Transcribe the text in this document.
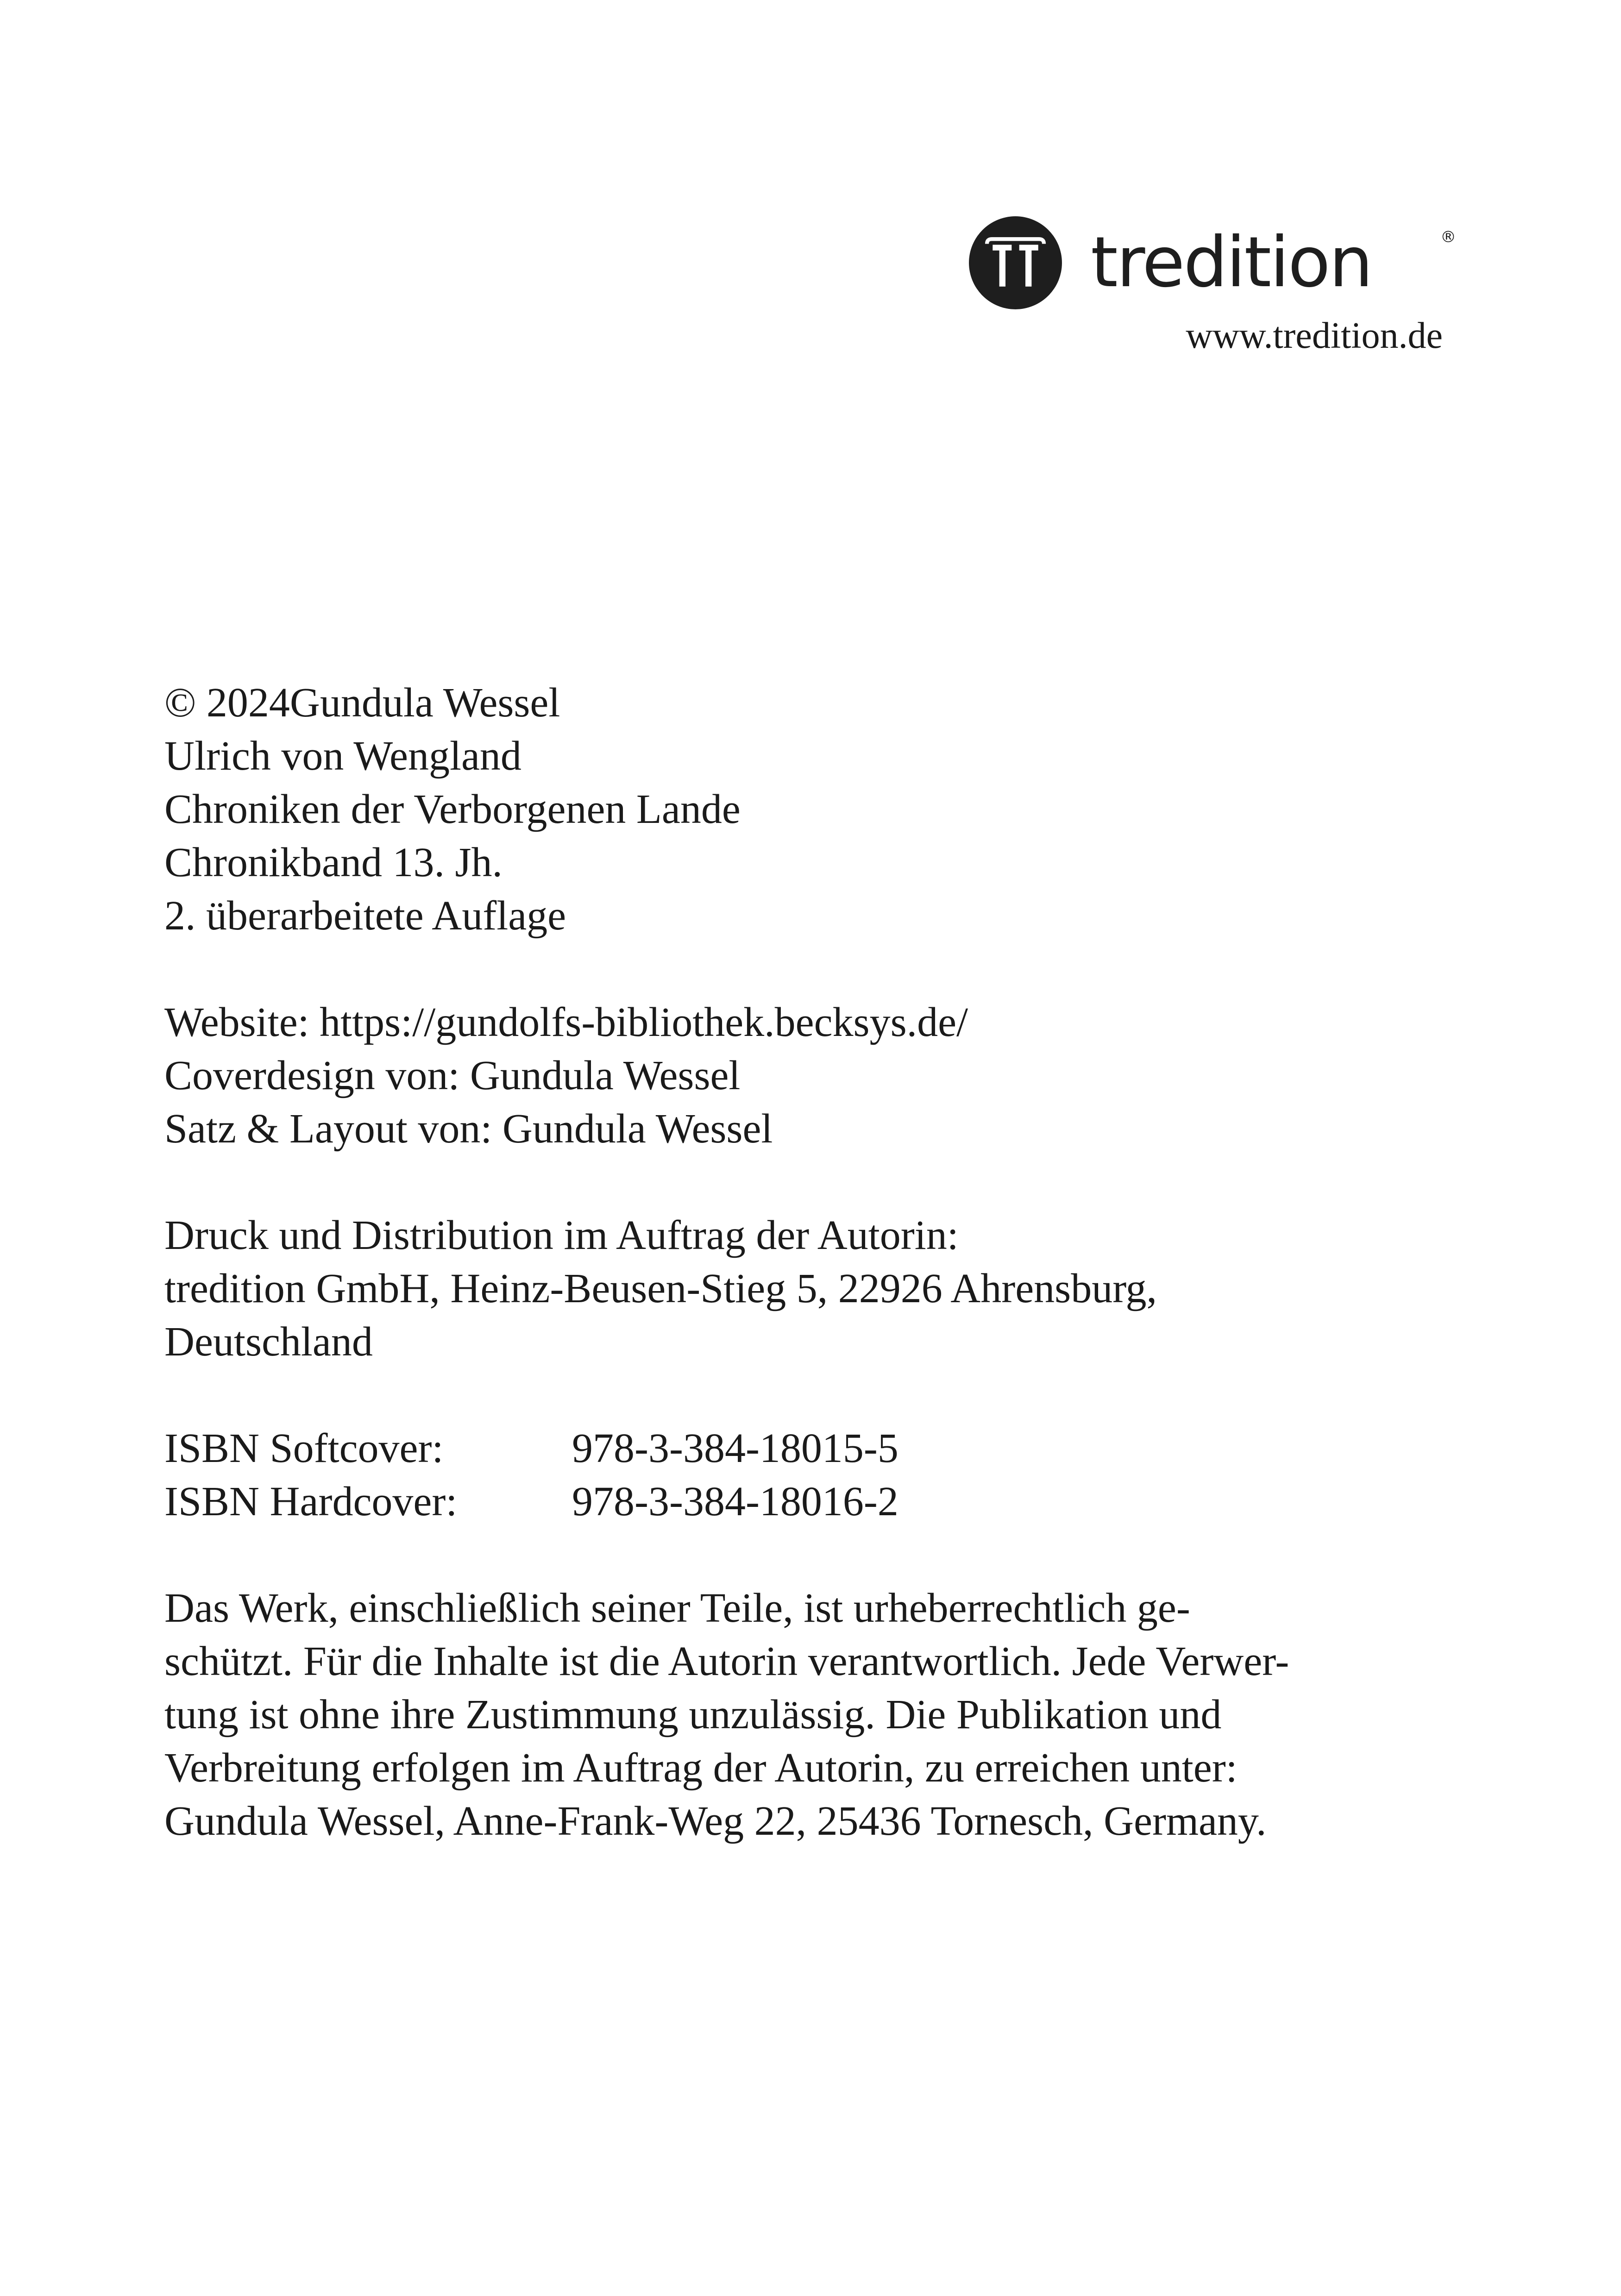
tredition	®
www.tredition.de
© 2024Gundula Wessel
Ulrich von Wengland
Chroniken der Verborgenen Lande
Chronikband 13. Jh.
2. überarbeitete Auflage
Website: https://gundolfs-bibliothek.becksys.de/
Coverdesign von: Gundula Wessel
Satz & Layout von: Gundula Wessel
Druck und Distribution im Auftrag der Autorin:
tredition GmbH, Heinz-Beusen-Stieg 5, 22926 Ahrensburg,
Deutschland
ISBN Softcover:	978-3-384-18015-5
ISBN Hardcover:	978-3-384-18016-2
Das Werk, einschließlich seiner Teile, ist urheberrechtlich ge-
schützt. Für die Inhalte ist die Autorin verantwortlich. Jede Verwer-
tung ist ohne ihre Zustimmung unzulässig. Die Publikation und
Verbreitung erfolgen im Auftrag der Autorin, zu erreichen unter:
Gundula Wessel, Anne-Frank-Weg 22, 25436 Tornesch, Germany.
